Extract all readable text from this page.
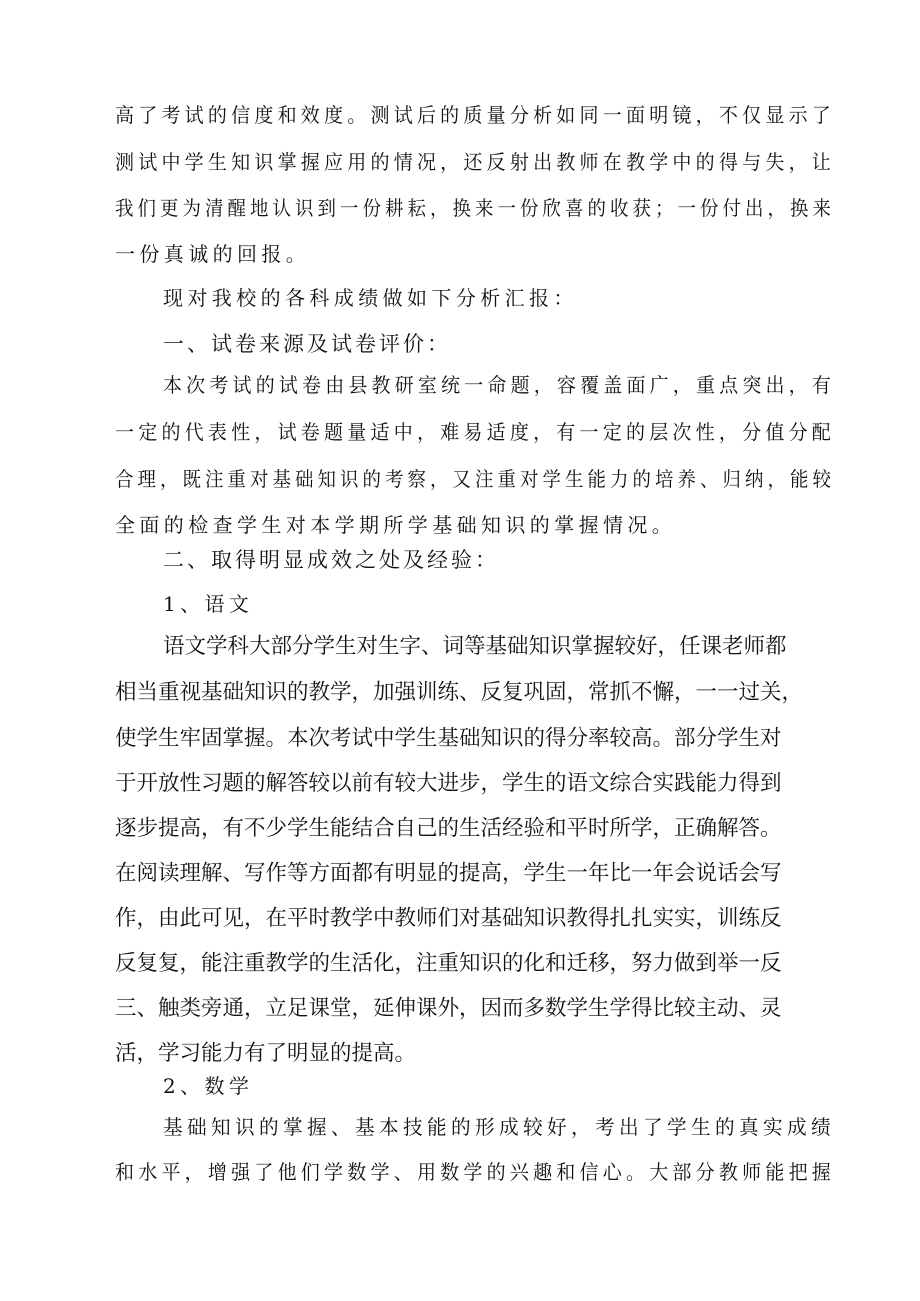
高了考试的信度和效度。测试后的质量分析如同一面明镜，不仅显示了
测试中学生知识掌握应用的情况，还反射出教师在教学中的得与失，让
我们更为清醒地认识到一份耕耘，换来一份欣喜的收获；一份付出，换来
一份真诚的回报。
现对我校的各科成绩做如下分析汇报：
一、试卷来源及试卷评价：
本次考试的试卷由县教研室统一命题，容覆盖面广，重点突出，有
一定的代表性，试卷题量适中，难易适度，有一定的层次性，分值分配
合理，既注重对基础知识的考察，又注重对学生能力的培养、归纳，能较
全面的检查学生对本学期所学基础知识的掌握情况。
二、取得明显成效之处及经验：
1、语文
语文学科大部分学生对生字、词等基础知识掌握较好，任课老师都
相当重视基础知识的教学，加强训练、反复巩固，常抓不懈，一一过关，
使学生牢固掌握。本次考试中学生基础知识的得分率较高。部分学生对
于开放性习题的解答较以前有较大进步，学生的语文综合实践能力得到
逐步提高，有不少学生能结合自己的生活经验和平时所学，正确解答。
在阅读理解、写作等方面都有明显的提高，学生一年比一年会说话会写
作，由此可见，在平时教学中教师们对基础知识教得扎扎实实，训练反
反复复，能注重教学的生活化，注重知识的化和迁移，努力做到举一反
三、触类旁通，立足课堂，延伸课外，因而多数学生学得比较主动、灵
活，学习能力有了明显的提高。
2、数学
基础知识的掌握、基本技能的形成较好，考出了学生的真实成绩
和水平，增强了他们学数学、用数学的兴趣和信心。大部分教师能把握
